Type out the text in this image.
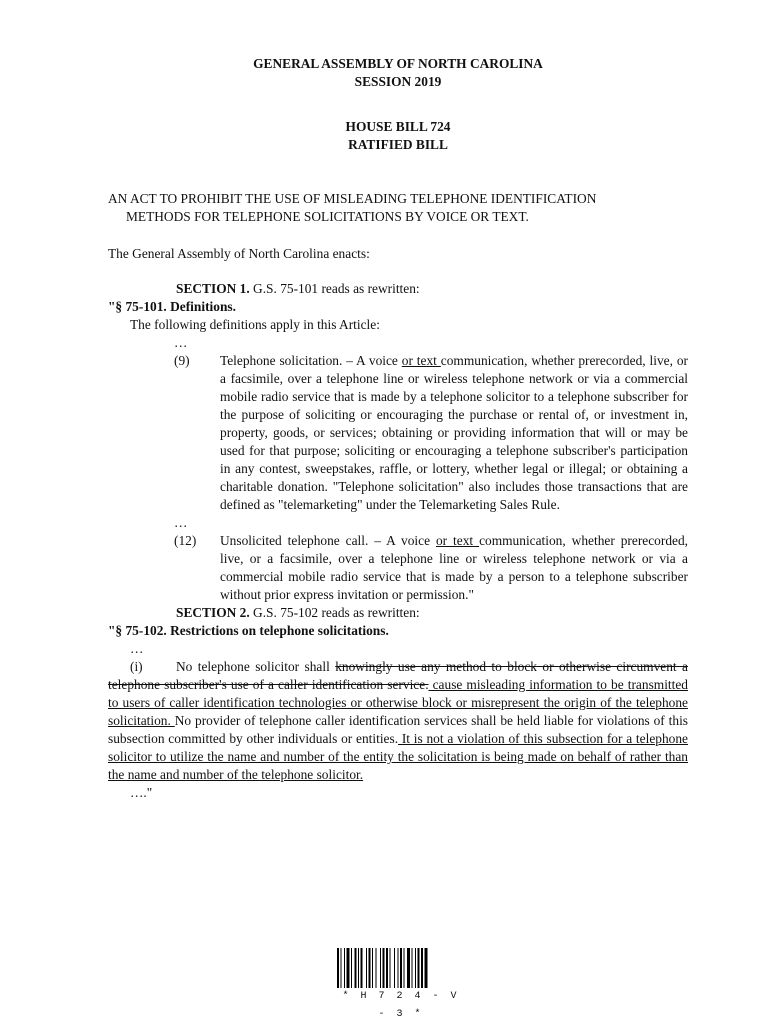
GENERAL ASSEMBLY OF NORTH CAROLINA
SESSION 2019
HOUSE BILL 724
RATIFIED BILL
AN ACT TO PROHIBIT THE USE OF MISLEADING TELEPHONE IDENTIFICATION
METHODS FOR TELEPHONE SOLICITATIONS BY VOICE OR TEXT.
The General Assembly of North Carolina enacts:
SECTION 1. G.S. 75-101 reads as rewritten:
"§ 75-101. Definitions.
The following definitions apply in this Article:
…
(9)	Telephone solicitation. – A voice or text communication, whether prerecorded, live, or a facsimile, over a telephone line or wireless telephone network or via a commercial mobile radio service that is made by a telephone solicitor to a telephone subscriber for the purpose of soliciting or encouraging the purchase or rental of, or investment in, property, goods, or services; obtaining or providing information that will or may be used for that purpose; soliciting or encouraging a telephone subscriber's participation in any contest, sweepstakes, raffle, or lottery, whether legal or illegal; or obtaining a charitable donation. "Telephone solicitation" also includes those transactions that are defined as "telemarketing" under the Telemarketing Sales Rule.
…
(12)	Unsolicited telephone call. – A voice or text communication, whether prerecorded, live, or a facsimile, over a telephone line or wireless telephone network or via a commercial mobile radio service that is made by a person to a telephone subscriber without prior express invitation or permission."
SECTION 2. G.S. 75-102 reads as rewritten:
"§ 75-102. Restrictions on telephone solicitations.
…
(i) No telephone solicitor shall knowingly use any method to block or otherwise circumvent a telephone subscriber's use of a caller identification service. cause misleading information to be transmitted to users of caller identification technologies or otherwise block or misrepresent the origin of the telephone solicitation. No provider of telephone caller identification services shall be held liable for violations of this subsection committed by other individuals or entities. It is not a violation of this subsection for a telephone solicitor to utilize the name and number of the entity the solicitation is being made on behalf of rather than the name and number of the telephone solicitor.
…."
* H 7 2 4 - V - 3 *
